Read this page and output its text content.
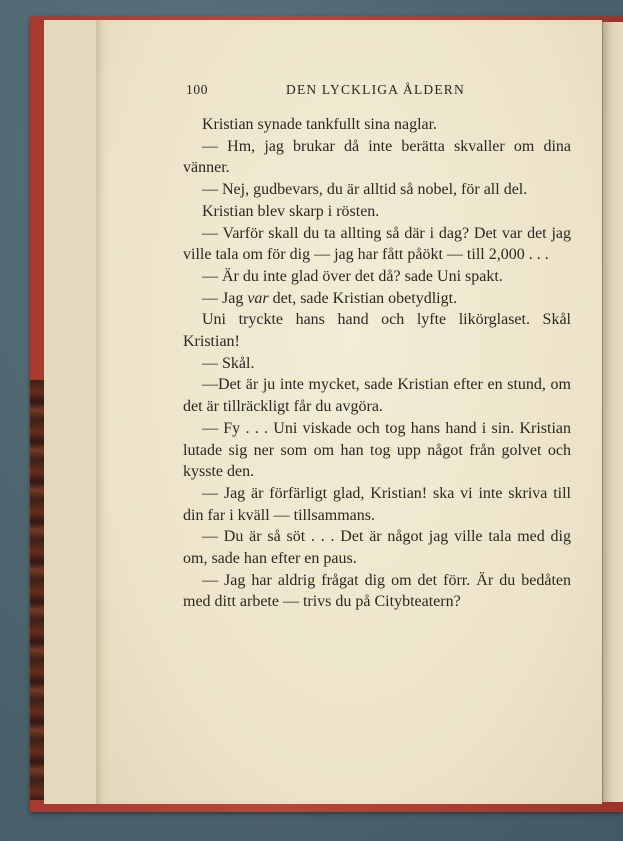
100	DEN LYCKLIGA ÅLDERN

Kristian synade tankfullt sina naglar.

— Hm, jag brukar då inte berätta skvaller om dina vänner.

— Nej, gudbevars, du är alltid så nobel, för all del.

Kristian blev skarp i rösten.

— Varför skall du ta allting så där i dag? Det var det jag ville tala om för dig — jag har fått påökt — till 2,000 . . .

— Är du inte glad över det då? sade Uni spakt.

— Jag var det, sade Kristian obetydligt.

Uni tryckte hans hand och lyfte likörglaset. Skål Kristian!

— Skål.

—Det är ju inte mycket, sade Kristian efter en stund, om det är tillräckligt får du avgöra.

— Fy . . . Uni viskade och tog hans hand i sin. Kristian lutade sig ner som om han tog upp något från golvet och kysste den.

— Jag är förfärligt glad, Kristian! ska vi inte skriva till din far i kväll — tillsammans.

— Du är så söt . . . Det är något jag ville tala med dig om, sade han efter en paus.

— Jag har aldrig frågat dig om det förr. Är du bedåten med ditt arbete — trivs du på Citybteatern?
